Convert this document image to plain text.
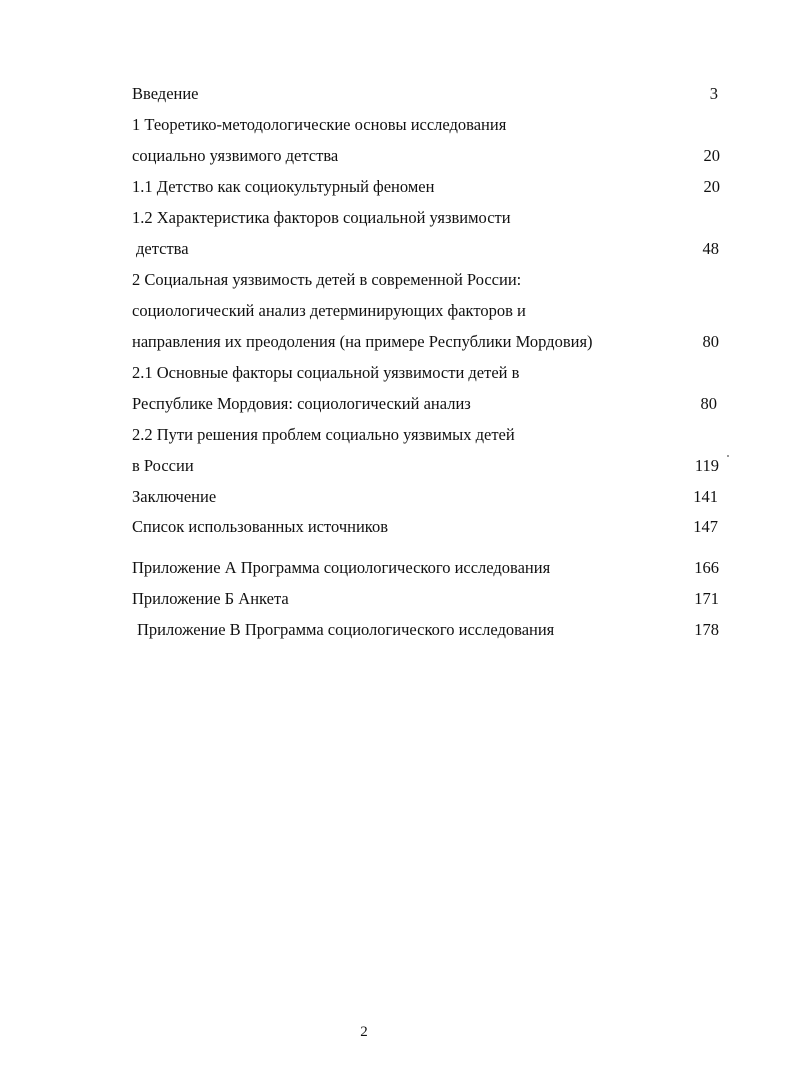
Введение	3
1 Теоретико-методологические основы исследования
социально уязвимого детства	20
1.1 Детство как социокультурный феномен	20
1.2 Характеристика факторов социальной уязвимости
детства	48
2 Социальная уязвимость детей в современной России:
социологический анализ детерминирующих факторов и
направления их преодоления (на примере Республики Мордовия)	80
2.1 Основные факторы социальной уязвимости детей в
Республике Мордовия: социологический анализ	80
2.2 Пути решения проблем социально уязвимых детей
в России	119
Заключение	141
Список использованных источников	147
Приложение А Программа социологического исследования	166
Приложение Б Анкета	171
Приложение В Программа социологического исследования	178
2
